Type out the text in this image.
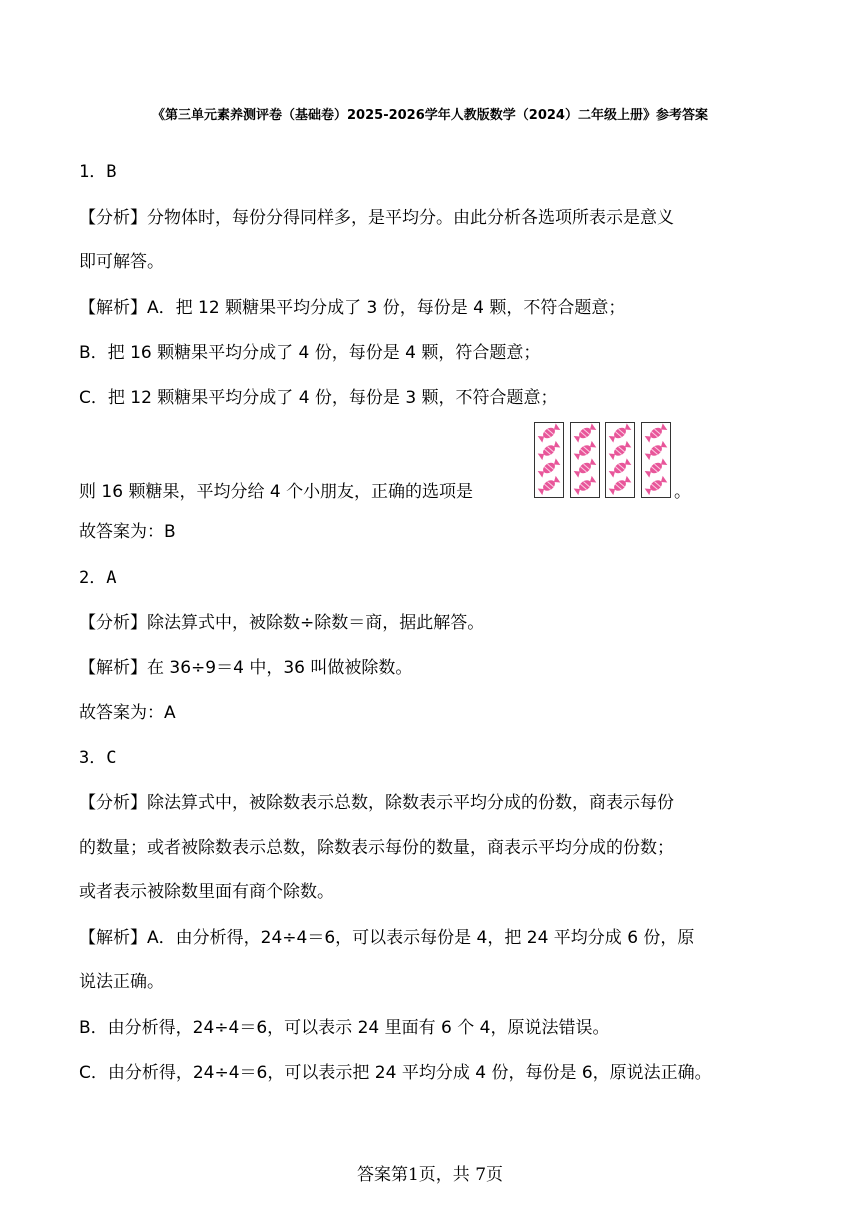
《第三单元素养测评卷（基础卷）2025-2026学年人教版数学（2024）二年级上册》参考答案
1．B
【分析】分物体时，每份分得同样多，是平均分。由此分析各选项所表示是意义
即可解答。
【解析】A．把 12 颗糖果平均分成了 3 份，每份是 4 颗，不符合题意；
B．把 16 颗糖果平均分成了 4 份，每份是 4 颗，符合题意；
C．把 12 颗糖果平均分成了 4 份，每份是 3 颗，不符合题意；
则 16 颗糖果，平均分给 4 个小朋友，正确的选项是	。
故答案为：B
2．A
【分析】除法算式中，被除数÷除数＝商，据此解答。
【解析】在 36÷9＝4 中，36 叫做被除数。
故答案为：A
3．C
【分析】除法算式中，被除数表示总数，除数表示平均分成的份数，商表示每份
的数量；或者被除数表示总数，除数表示每份的数量，商表示平均分成的份数；
或者表示被除数里面有商个除数。
【解析】A．由分析得，24÷4＝6，可以表示每份是 4，把 24 平均分成 6 份，原
说法正确。
B．由分析得，24÷4＝6，可以表示 24 里面有 6 个 4，原说法错误。
C．由分析得，24÷4＝6，可以表示把 24 平均分成 4 份，每份是 6，原说法正确。
答案第1页，共 7页
